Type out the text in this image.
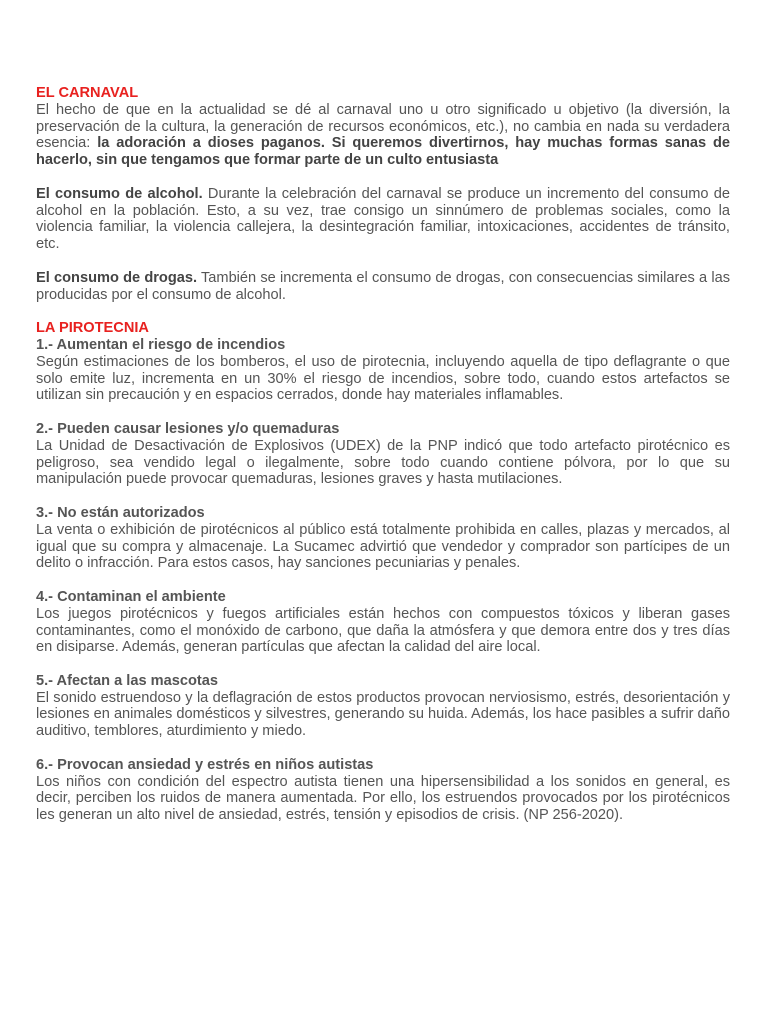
EL CARNAVAL

El hecho de que en la actualidad se dé al carnaval uno u otro significado u objetivo (la diversión, la preservación de la cultura, la generación de recursos económicos, etc.), no cambia en nada su verdadera esencia: la adoración a dioses paganos. Si queremos divertirnos, hay muchas formas sanas de hacerlo, sin que tengamos que formar parte de un culto entusiasta

El consumo de alcohol. Durante la celebración del carnaval se produce un incremento del consumo de alcohol en la población. Esto, a su vez, trae consigo un sinnúmero de problemas sociales, como la violencia familiar, la violencia callejera, la desintegración familiar, intoxicaciones, accidentes de tránsito, etc.

El consumo de drogas. También se incrementa el consumo de drogas, con consecuencias similares a las producidas por el consumo de alcohol.

LA PIROTECNIA
1.- Aumentan el riesgo de incendios

Según estimaciones de los bomberos, el uso de pirotecnia, incluyendo aquella de tipo deflagrante o que solo emite luz, incrementa en un 30% el riesgo de incendios, sobre todo, cuando estos artefactos se utilizan sin precaución y en espacios cerrados, donde hay materiales inflamables.

2.- Pueden causar lesiones y/o quemaduras

La Unidad de Desactivación de Explosivos (UDEX) de la PNP indicó que todo artefacto pirotécnico es peligroso, sea vendido legal o ilegalmente, sobre todo cuando contiene pólvora, por lo que su manipulación puede provocar quemaduras, lesiones graves y hasta mutilaciones.

3.- No están autorizados

La venta o exhibición de pirotécnicos al público está totalmente prohibida en calles, plazas y mercados, al igual que su compra y almacenaje. La Sucamec advirtió que vendedor y comprador son partícipes de un delito o infracción. Para estos casos, hay sanciones pecuniarias y penales.

4.- Contaminan el ambiente

Los juegos pirotécnicos y fuegos artificiales están hechos con compuestos tóxicos y liberan gases contaminantes, como el monóxido de carbono, que daña la atmósfera y que demora entre dos y tres días en disiparse. Además, generan partículas que afectan la calidad del aire local.

5.- Afectan a las mascotas

El sonido estruendoso y la deflagración de estos productos provocan nerviosismo, estrés, desorientación y lesiones en animales domésticos y silvestres, generando su huida. Además, los hace pasibles a sufrir daño auditivo, temblores, aturdimiento y miedo.

6.- Provocan ansiedad y estrés en niños autistas

Los niños con condición del espectro autista tienen una hipersensibilidad a los sonidos en general, es decir, perciben los ruidos de manera aumentada. Por ello, los estruendos provocados por los pirotécnicos les generan un alto nivel de ansiedad, estrés, tensión y episodios de crisis. (NP 256-2020).
